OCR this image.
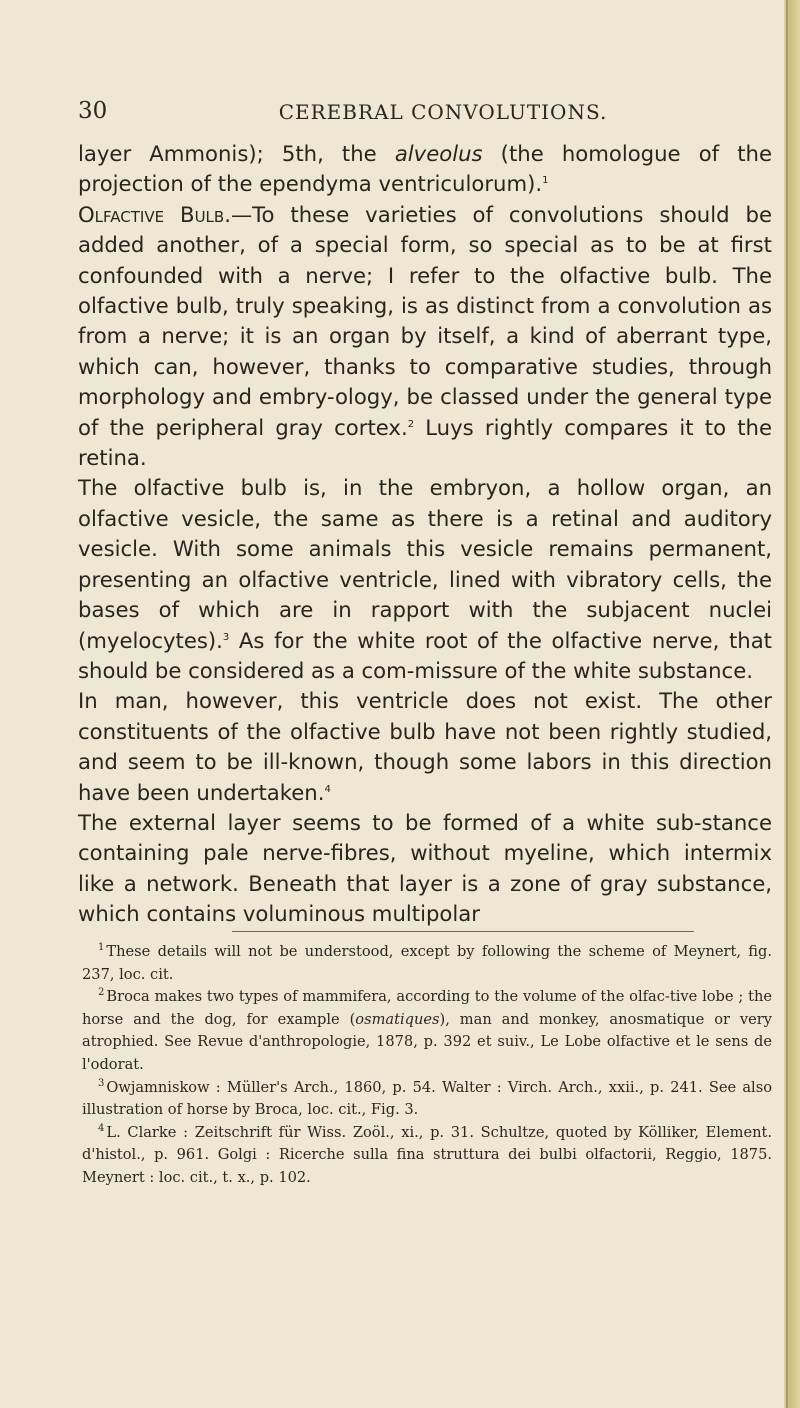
30	CEREBRAL CONVOLUTIONS.

layer Ammonis); 5th, the alveolus (the homologue of the projection of the ependyma ventriculorum).$^1$

Olfactive Bulb.—To these varieties of convolutions should be added another, of a special form, so special as to be at first confounded with a nerve; I refer to the olfactive bulb. The olfactive bulb, truly speaking, is as distinct from a convolution as from a nerve; it is an organ by itself, a kind of aberrant type, which can, however, thanks to comparative studies, through morphology and embry-ology, be classed under the general type of the peripheral gray cortex.$^2$ Luys rightly compares it to the retina.

The olfactive bulb is, in the embryon, a hollow organ, an olfactive vesicle, the same as there is a retinal and auditory vesicle. With some animals this vesicle remains permanent, presenting an olfactive ventricle, lined with vibratory cells, the bases of which are in rapport with the subjacent nuclei (myelocytes).$^3$ As for the white root of the olfactive nerve, that should be considered as a com-missure of the white substance.

In man, however, this ventricle does not exist. The other constituents of the olfactive bulb have not been rightly studied, and seem to be ill-known, though some labors in this direction have been undertaken.$^4$

The external layer seems to be formed of a white sub-stance containing pale nerve-fibres, without myeline, which intermix like a network. Beneath that layer is a zone of gray substance, which contains voluminous multipolar

$^1$ These details will not be understood, except by following the scheme of Meynert, fig. 237, loc. cit.

$^2$ Broca makes two types of mammifera, according to the volume of the olfac-tive lobe ; the horse and the dog, for example (osmatiques), man and monkey, anosmatique or very atrophied. See Revue d'anthropologie, 1878, p. 392 et suiv., Le Lobe olfactive et le sens de l'odorat.

$^3$ Owjamniskow : Müller's Arch., 1860, p. 54. Walter : Virch. Arch., xxii., p. 241. See also illustration of horse by Broca, loc. cit., Fig. 3.

$^4$ L. Clarke : Zeitschrift für Wiss. Zoöl., xi., p. 31. Schultze, quoted by Kölliker, Element. d'histol., p. 961. Golgi : Ricerche sulla fina struttura dei bulbi olfactorii, Reggio, 1875. Meynert : loc. cit., t. x., p. 102.
